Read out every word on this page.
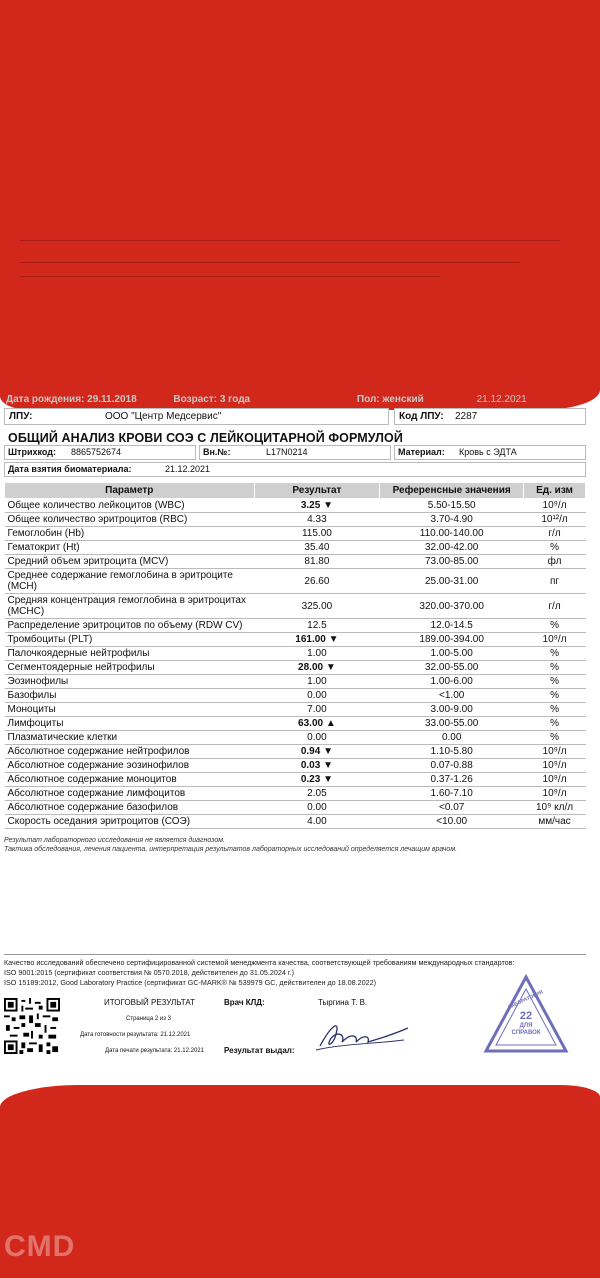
Дата рождения: 29.11.2018	Возраст: 3 года	Пол: женский	21.12.2021
ЛПУ:	ООО "Центр Медсервис"	Код ЛПУ: 2287
ОБЩИЙ АНАЛИЗ КРОВИ СОЭ С ЛЕЙКОЦИТАРНОЙ ФОРМУЛОЙ
Штрихкод: 8865752674	Вн.№:	L17N0214	Материал: Кровь с ЭДТА
Дата взятия биоматериала:	21.12.2021
Параметр	Результат	Референсные значения	Ед. изм
Общее количество лейкоцитов (WBC)	3.25 ▼	5.50-15.50	10⁹/л
Общее количество эритроцитов (RBC)	4.33	3.70-4.90	10¹²/л
Гемоглобин (Hb)	115.00	110.00-140.00	г/л
Гематокрит (Ht)	35.40	32.00-42.00	%
Средний объем эритроцита (MCV)	81.80	73.00-85.00	фл
Среднее содержание гемоглобина в эритроците (MCH)	26.60	25.00-31.00	пг
Средняя концентрация гемоглобина в эритроцитах (MCHC)	325.00	320.00-370.00	г/л
Распределение эритроцитов по объему (RDW CV)	12.5	12.0-14.5	%
Тромбоциты (PLT)	161.00 ▼	189.00-394.00	10⁹/л
Палочкоядерные нейтрофилы	1.00	1.00-5.00	%
Сегментоядерные нейтрофилы	28.00 ▼	32.00-55.00	%
Эозинофилы	1.00	1.00-6.00	%
Базофилы	0.00	<1.00	%
Моноциты	7.00	3.00-9.00	%
Лимфоциты	63.00 ▲	33.00-55.00	%
Плазматические клетки	0.00	0.00	%
Абсолютное содержание нейтрофилов	0.94 ▼	1.10-5.80	10⁹/л
Абсолютное содержание эозинофилов	0.03 ▼	0.07-0.88	10⁹/л
Абсолютное содержание моноцитов	0.23 ▼	0.37-1.26	10⁹/л
Абсолютное содержание лимфоцитов	2.05	1.60-7.10	10⁹/л
Абсолютное содержание базофилов	0.00	<0.07	10⁹ кл/л
Скорость оседания эритроцитов (СОЭ)	4.00	<10.00	мм/час
Результат лабораторного исследования не является диагнозом.
Тактика обследования, лечения пациента, интерпретация результатов лабораторных исследований определяется лечащим врачом.
Качество исследований обеспечено сертифицированной системой менеджмента качества, соответствующей требованиям международных стандартов:
ISO 9001:2015 (сертификат соответствия № 0570.2018, действителен до 31.05.2024 г.)
ISO 15189:2012, Good Laboratory Practice (сертификат GC-MARK® № 539979 GC, действителен до 18.08.2022)
ИТОГОВЫЙ РЕЗУЛЬТАТ
Страница 2 из 3
Дата готовности результата: 21.12.2021
Дата печати результата: 21.12.2021
Врач КЛД:	Тыргина Т. В.
Результат выдал:
ЛАБОРАТОРИЯ
22
ДЛЯ
СПРАВОК
CMD
